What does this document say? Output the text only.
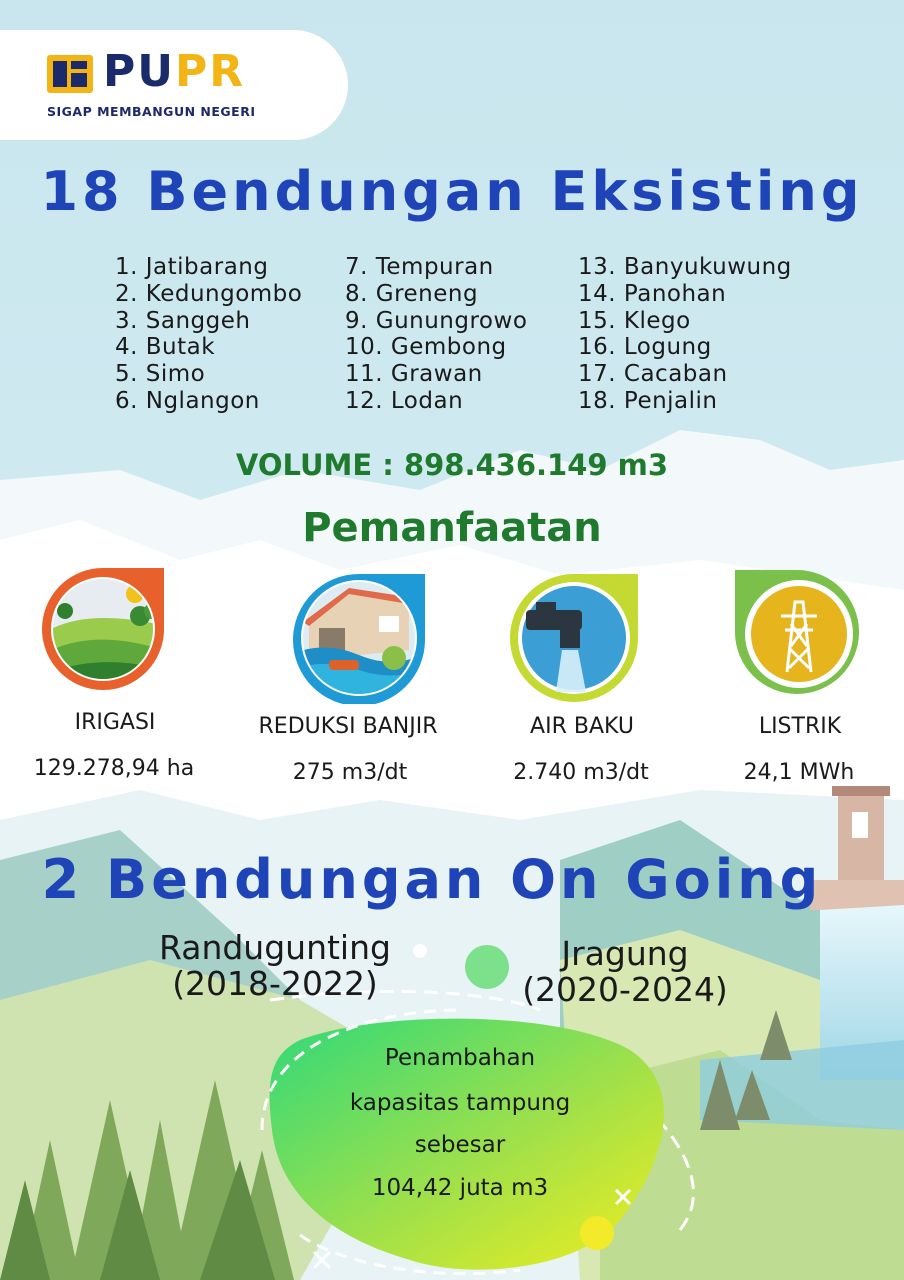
PUPR
SIGAP MEMBANGUN NEGERI
18 Bendungan Eksisting
1. Jatibarang
2. Kedungombo
3. Sanggeh
4. Butak
5. Simo
6. Nglangon
7. Tempuran
8. Greneng
9. Gunungrowo
10. Gembong
11. Grawan
12. Lodan
13. Banyukuwung
14. Panohan
15. Klego
16. Logung
17. Cacaban
18. Penjalin
VOLUME : 898.436.149 m3
Pemanfaatan
IRIGASI	REDUKSI BANJIR	AIR BAKU	LISTRIK
129.278,94 ha	275 m3/dt	2.740 m3/dt	24,1 MWh
2 Bendungan On Going
Randugunting
(2018-2022)
Jragung
(2020-2024)
Penambahan
kapasitas tampung
sebesar
104,42 juta m3
